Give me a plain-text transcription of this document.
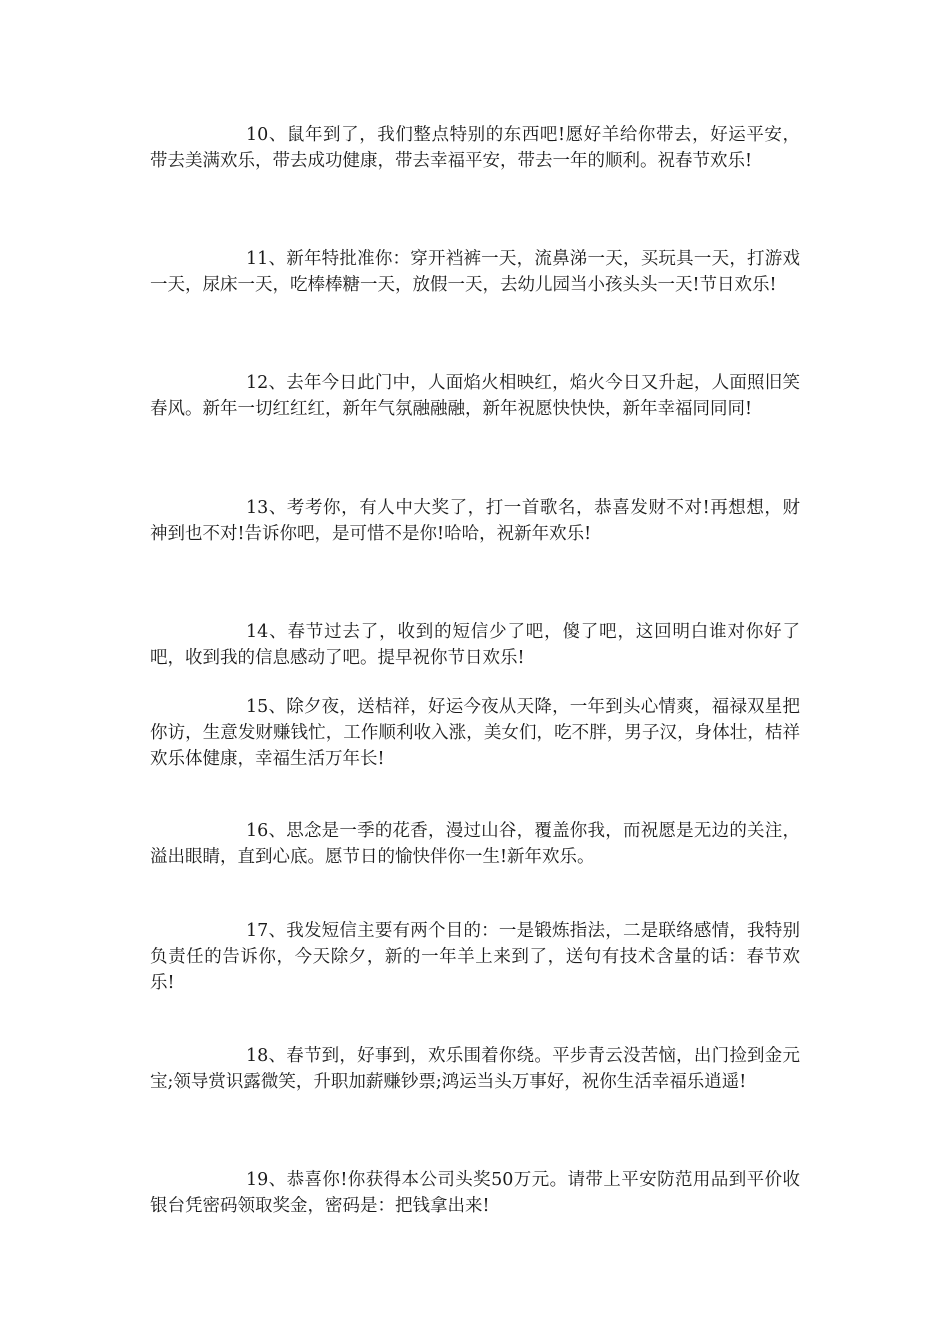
10、鼠年到了，我们整点特别的东西吧!愿好羊给你带去，好运平安，带去美满欢乐，带去成功健康，带去幸福平安，带去一年的顺利。祝春节欢乐!

11、新年特批准你：穿开裆裤一天，流鼻涕一天，买玩具一天，打游戏一天，尿床一天，吃棒棒糖一天，放假一天，去幼儿园当小孩头头一天!节日欢乐!

12、去年今日此门中，人面焰火相映红，焰火今日又升起，人面照旧笑春风。新年一切红红红，新年气氛融融融，新年祝愿快快快，新年幸福同同同!

13、考考你，有人中大奖了，打一首歌名，恭喜发财不对!再想想，财神到也不对!告诉你吧，是可惜不是你!哈哈，祝新年欢乐!

14、春节过去了，收到的短信少了吧，傻了吧，这回明白谁对你好了吧，收到我的信息感动了吧。提早祝你节日欢乐!

15、除夕夜，送桔祥，好运今夜从天降，一年到头心情爽，福禄双星把你访，生意发财赚钱忙，工作顺利收入涨，美女们，吃不胖，男子汉，身体壮，桔祥欢乐体健康，幸福生活万年长!

16、思念是一季的花香，漫过山谷，覆盖你我，而祝愿是无边的关注，溢出眼睛，直到心底。愿节日的愉快伴你一生!新年欢乐。

17、我发短信主要有两个目的：一是锻炼指法，二是联络感情，我特别负责任的告诉你，今天除夕，新的一年羊上来到了，送句有技术含量的话：春节欢乐!

18、春节到，好事到，欢乐围着你绕。平步青云没苦恼，出门捡到金元宝;领导赏识露微笑，升职加薪赚钞票;鸿运当头万事好，祝你生活幸福乐逍遥!

19、恭喜你!你获得本公司头奖50万元。请带上平安防范用品到平价收银台凭密码领取奖金，密码是：把钱拿出来!
